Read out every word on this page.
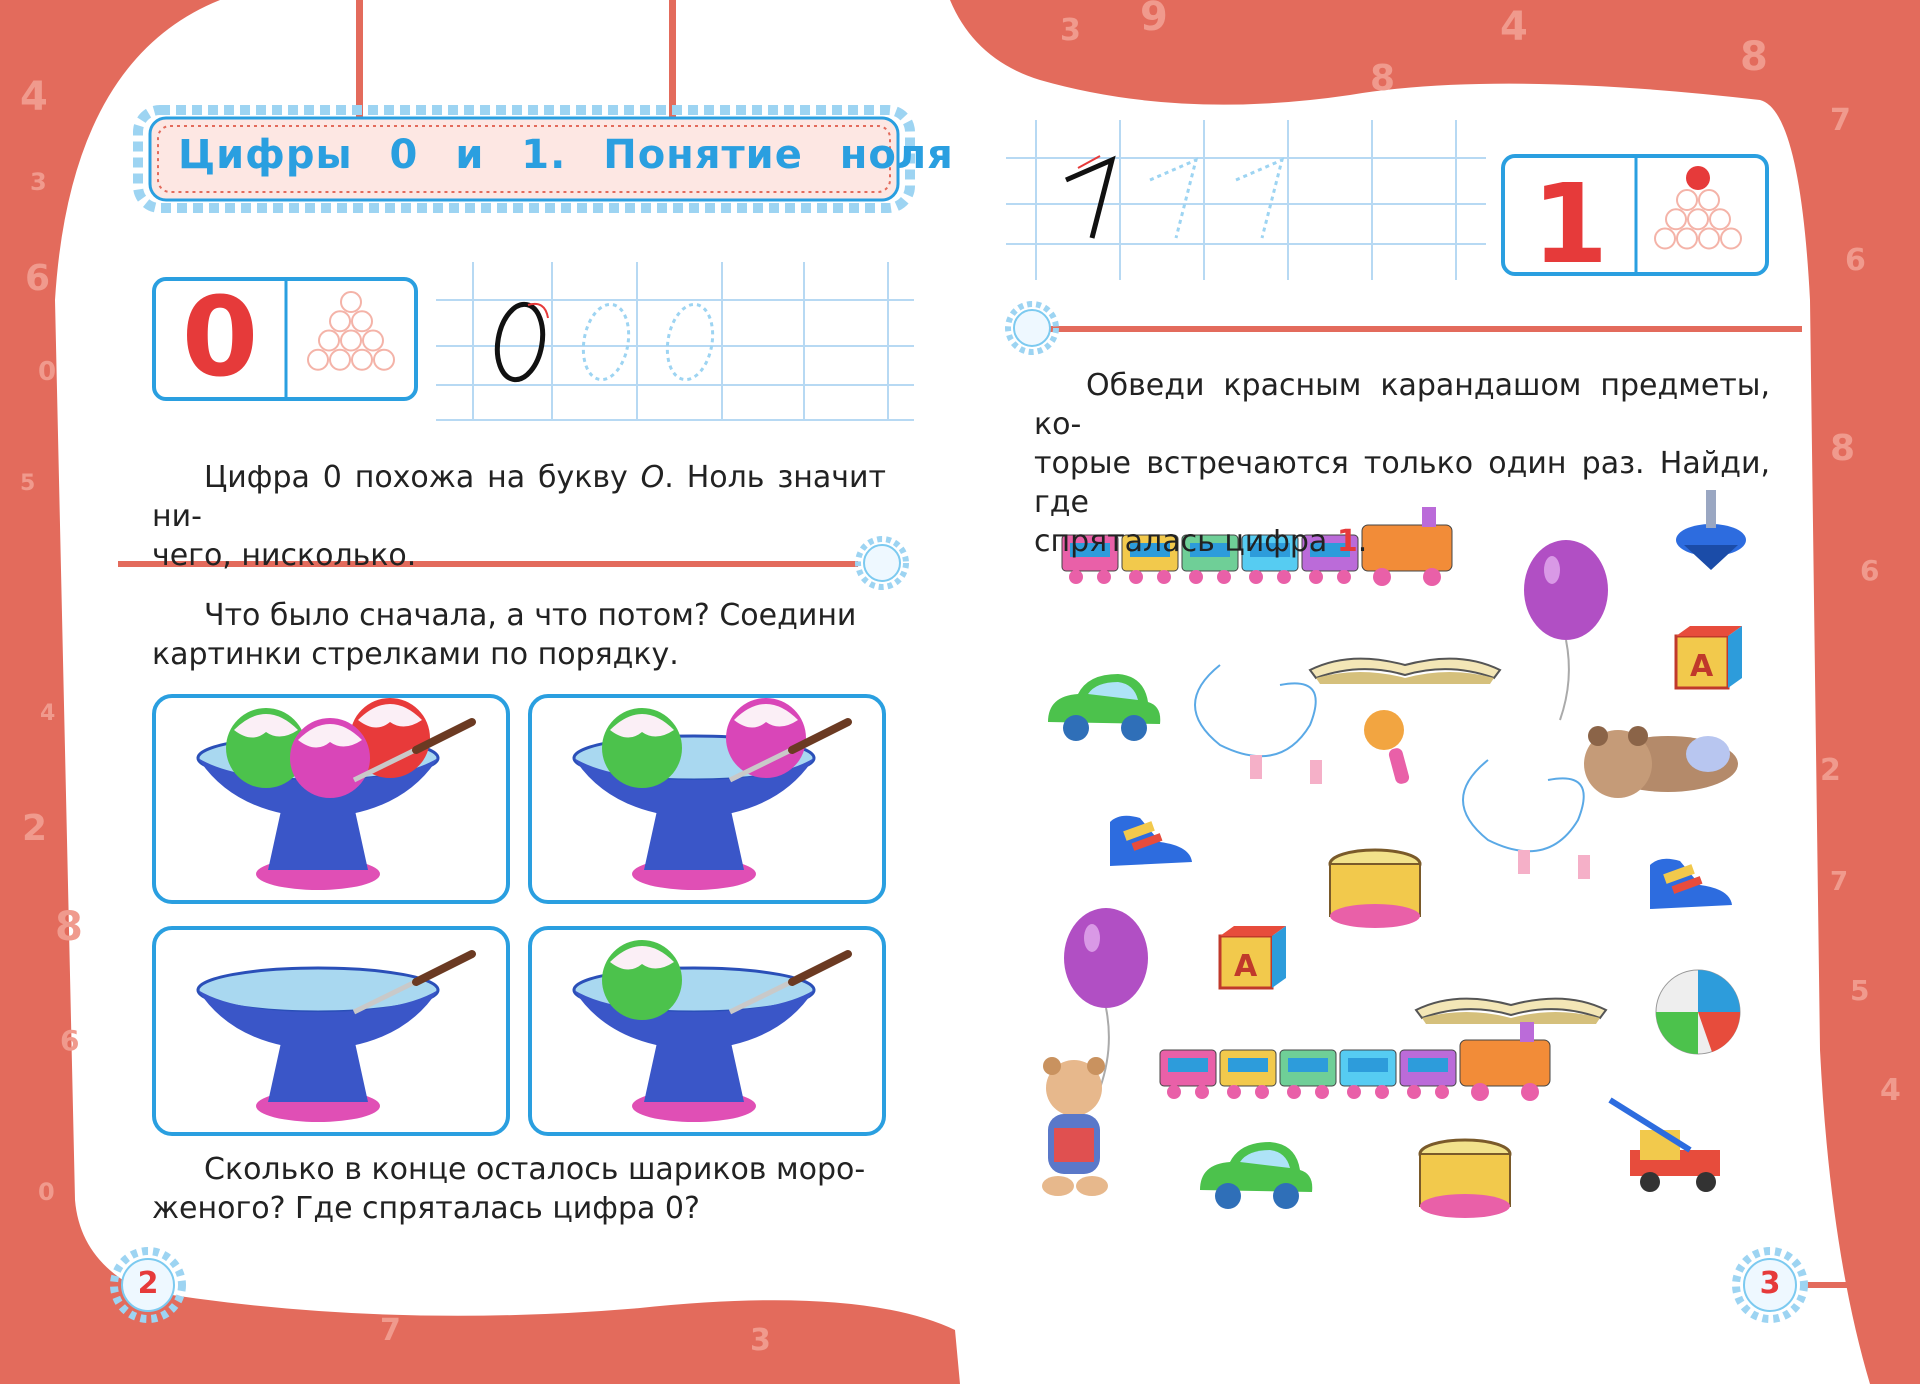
4
3
6
0
5
4
2
8
6
0
7	3
3 9
8
4
8
7
6
8
6
2
7
5
4
0
1
A
A
Цифры 0 и 1. Понятие ноля
Цифра 0 похожа на букву О. Ноль значит ни-
чего, нисколько.
Что было сначала, а что потом? Соедини
картинки стрелками по порядку.
Сколько в конце осталось шариков моро-
женого? Где спряталась цифра 0?
Обведи красным карандашом предметы, ко-
торые встречаются только один раз. Найди, где
спряталась цифра 1.
2	3
